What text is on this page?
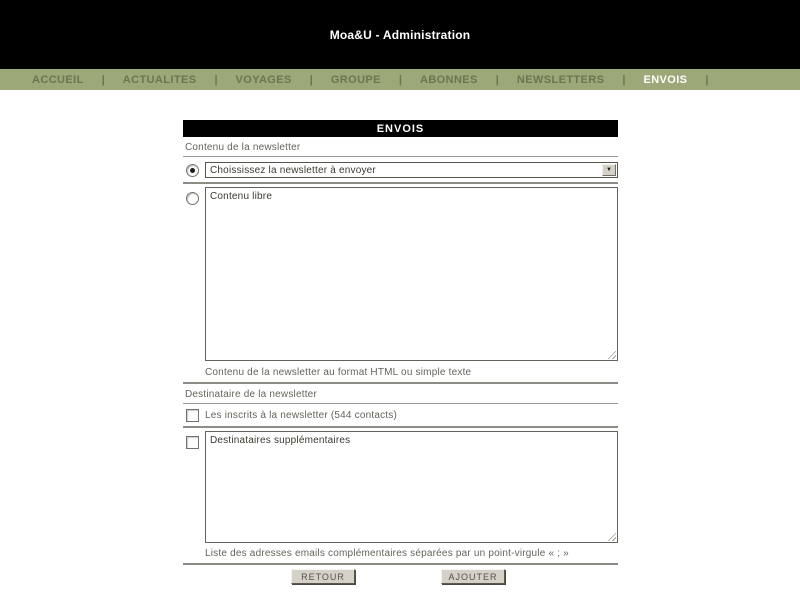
Moa&U - Administration
ACCUEIL	|	ACTUALITES	|	VOYAGES	|	GROUPE	|	ABONNES	|	NEWSLETTERS	|	ENVOIS	|
ENVOIS
Contenu de la newsletter
Choississez la newsletter à envoyer	▼
Contenu libre
Contenu de la newsletter au format HTML ou simple texte
Destinataire de la newsletter
Les inscrits à la newsletter (544 contacts)
Destinataires supplémentaires
Liste des adresses emails complémentaires séparées par un point-virgule « ; »
RETOUR	AJOUTER
